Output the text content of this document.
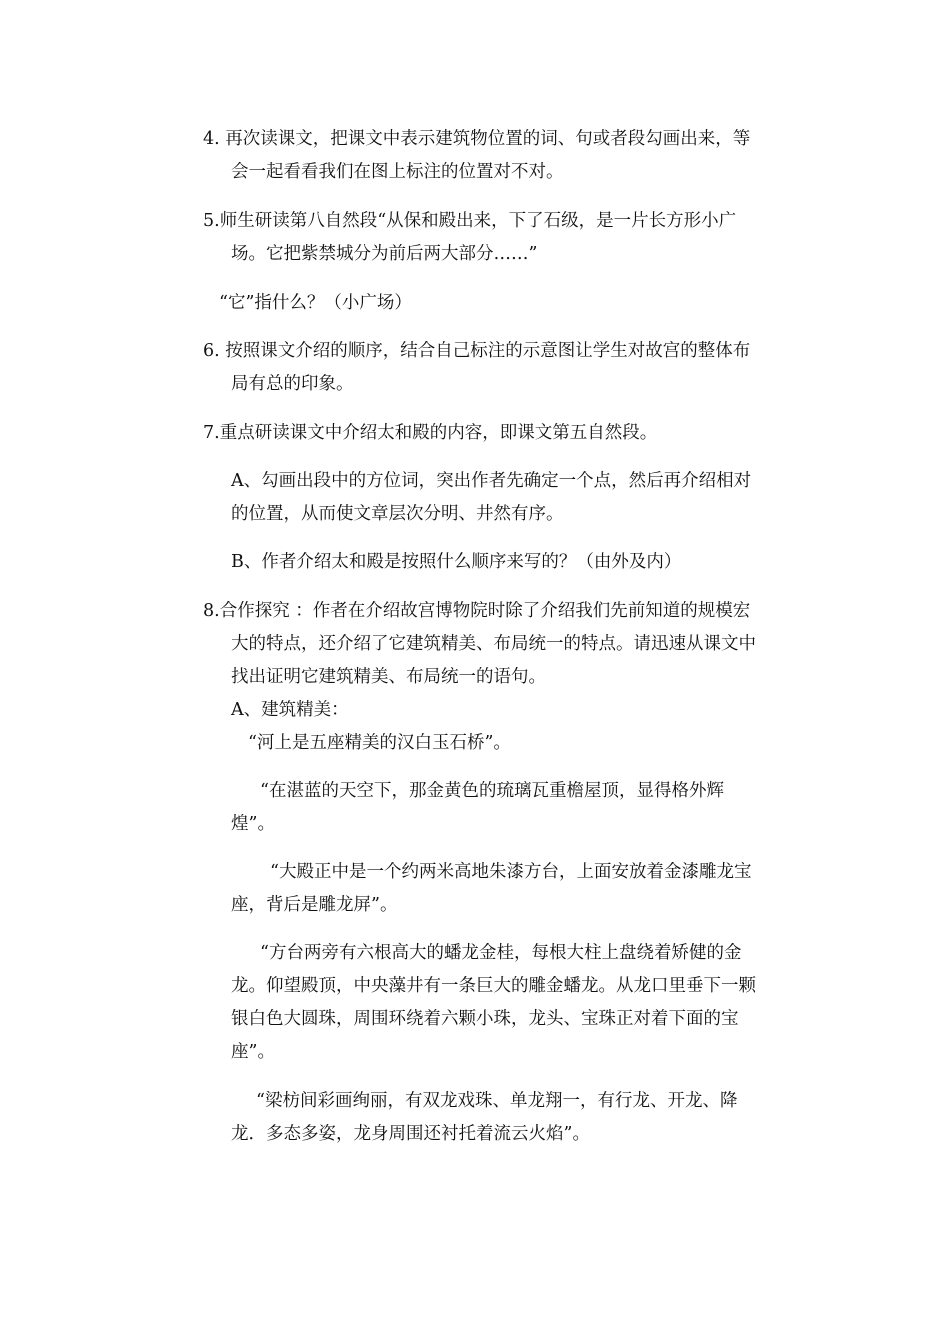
4. 再次读课文，把课文中表示建筑物位置的词、句或者段勾画出来，等

会一起看看我们在图上标注的位置对不对。

5.师生研读第八自然段“从保和殿出来，下了石级，是一片长方形小广

场。它把紫禁城分为前后两大部分……”

“它”指什么？（小广场）

6. 按照课文介绍的顺序，结合自己标注的示意图让学生对故宫的整体布

局有总的印象。

7.重点研读课文中介绍太和殿的内容，即课文第五自然段。

A、勾画出段中的方位词，突出作者先确定一个点，然后再介绍相对

的位置，从而使文章层次分明、井然有序。

B、作者介绍太和殿是按照什么顺序来写的？（由外及内）

8.合作探究 ：作者在介绍故宫博物院时除了介绍我们先前知道的规模宏

大的特点，还介绍了它建筑精美、布局统一的特点。请迅速从课文中

找出证明它建筑精美、布局统一的语句。

A、建筑精美：

“河上是五座精美的汉白玉石桥”。

“在湛蓝的天空下，那金黄色的琉璃瓦重檐屋顶，显得格外辉

煌”。

“大殿正中是一个约两米高地朱漆方台，上面安放着金漆雕龙宝

座，背后是雕龙屏”。

“方台两旁有六根高大的蟠龙金桂，每根大柱上盘绕着矫健的金

龙。仰望殿顶，中央藻井有一条巨大的雕金蟠龙。从龙口里垂下一颗

银白色大圆珠，周围环绕着六颗小珠，龙头、宝珠正对着下面的宝

座”。

“梁枋间彩画绚丽，有双龙戏珠、单龙翔一，有行龙、开龙、降

龙．多态多姿，龙身周围还衬托着流云火焰”。
